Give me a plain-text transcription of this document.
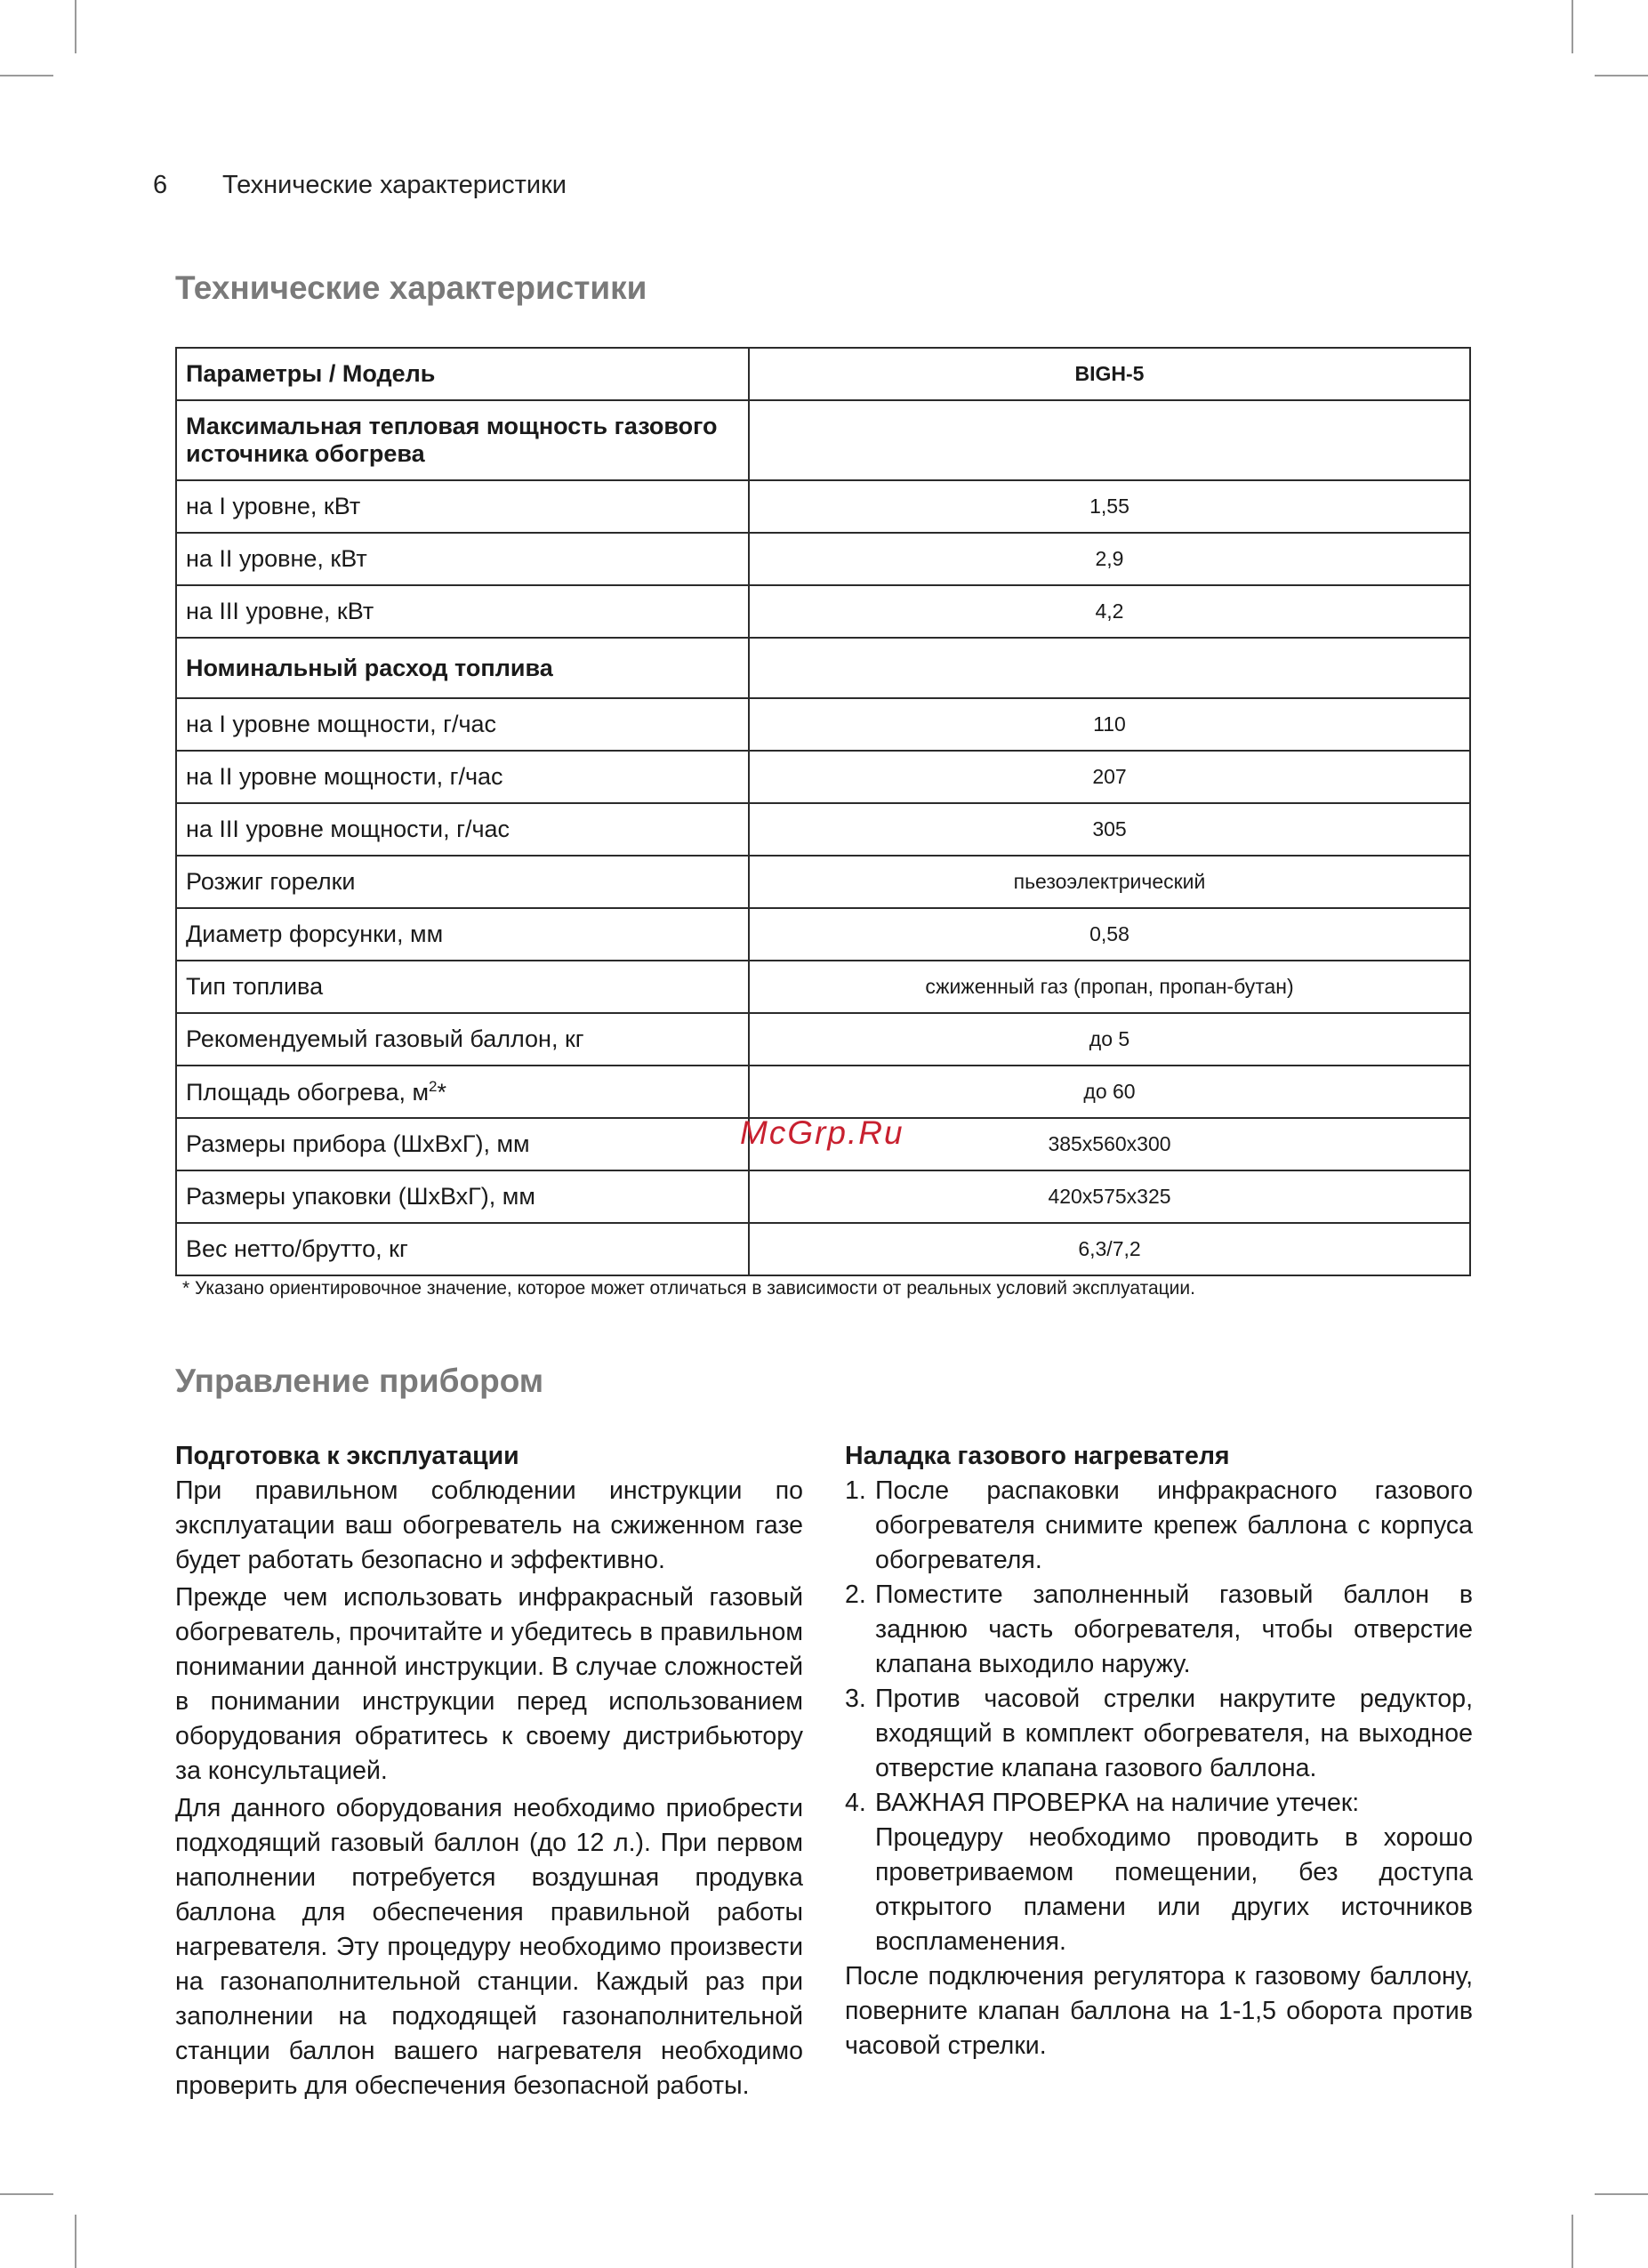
6 Технические характеристики
Технические характеристики
Параметры / Модель	BIGH-5
Максимальная тепловая мощность газового источника обогрева	
на I уровне, кВт	1,55
на II уровне, кВт	2,9
на III уровне, кВт	4,2
Номинальный расход топлива	
на I уровне мощности, г/час	110
на II уровне мощности, г/час	207
на III уровне мощности, г/час	305
Розжиг горелки	пьезоэлектрический
Диаметр форсунки, мм	0,58
Тип топлива	сжиженный газ (пропан, пропан-бутан)
Рекомендуемый газовый баллон, кг	до 5
Площадь обогрева, $м^2*$	до 60
Размеры прибора (ШхВхГ), мм	385х560х300
Размеры упаковки (ШхВхГ), мм	420х575х325
Вес нетто/брутто, кг	6,3/7,2
* Указано ориентировочное значение, которое может отличаться в зависимости от реальных условий эксплуатации.
McGrp.Ru
Управление прибором
Подготовка к эксплуатации

При правильном соблюдении инструкции по эксплуатации ваш обогреватель на сжиженном газе будет работать безопасно и эффективно.

Прежде чем использовать инфракрасный газовый обогреватель, прочитайте и убедитесь в правильном понимании данной инструкции. В случае сложностей в понимании инструкции перед использованием оборудования обратитесь к своему дистрибьютору за консультацией.

Для данного оборудования необходимо приобрести подходящий газовый баллон (до 12 л.). При первом наполнении потребуется воздушная продувка баллона для обеспечения правильной работы нагревателя. Эту процедуру необходимо произвести на газонаполнительной станции. Каждый раз при заполнении на подходящей газонаполнительной станции баллон вашего нагревателя необходимо проверить для обеспечения безопасной работы.

Наладка газового нагревателя
1. После распаковки инфракрасного газового обогревателя снимите крепеж баллона с корпуса обогревателя.
2. Поместите заполненный газовый баллон в заднюю часть обогревателя, чтобы отверстие клапана выходило наружу.
3. Против часовой стрелки накрутите редуктор, входящий в комплект обогревателя, на выходное отверстие клапана газового баллона.
4. ВАЖНАЯ ПРОВЕРКА на наличие утечек:
Процедуру необходимо проводить в хорошо проветриваемом помещении, без доступа открытого пламени или других источников воспламенения.

После подключения регулятора к газовому баллону, поверните клапан баллона на 1-1,5 оборота против часовой стрелки.
